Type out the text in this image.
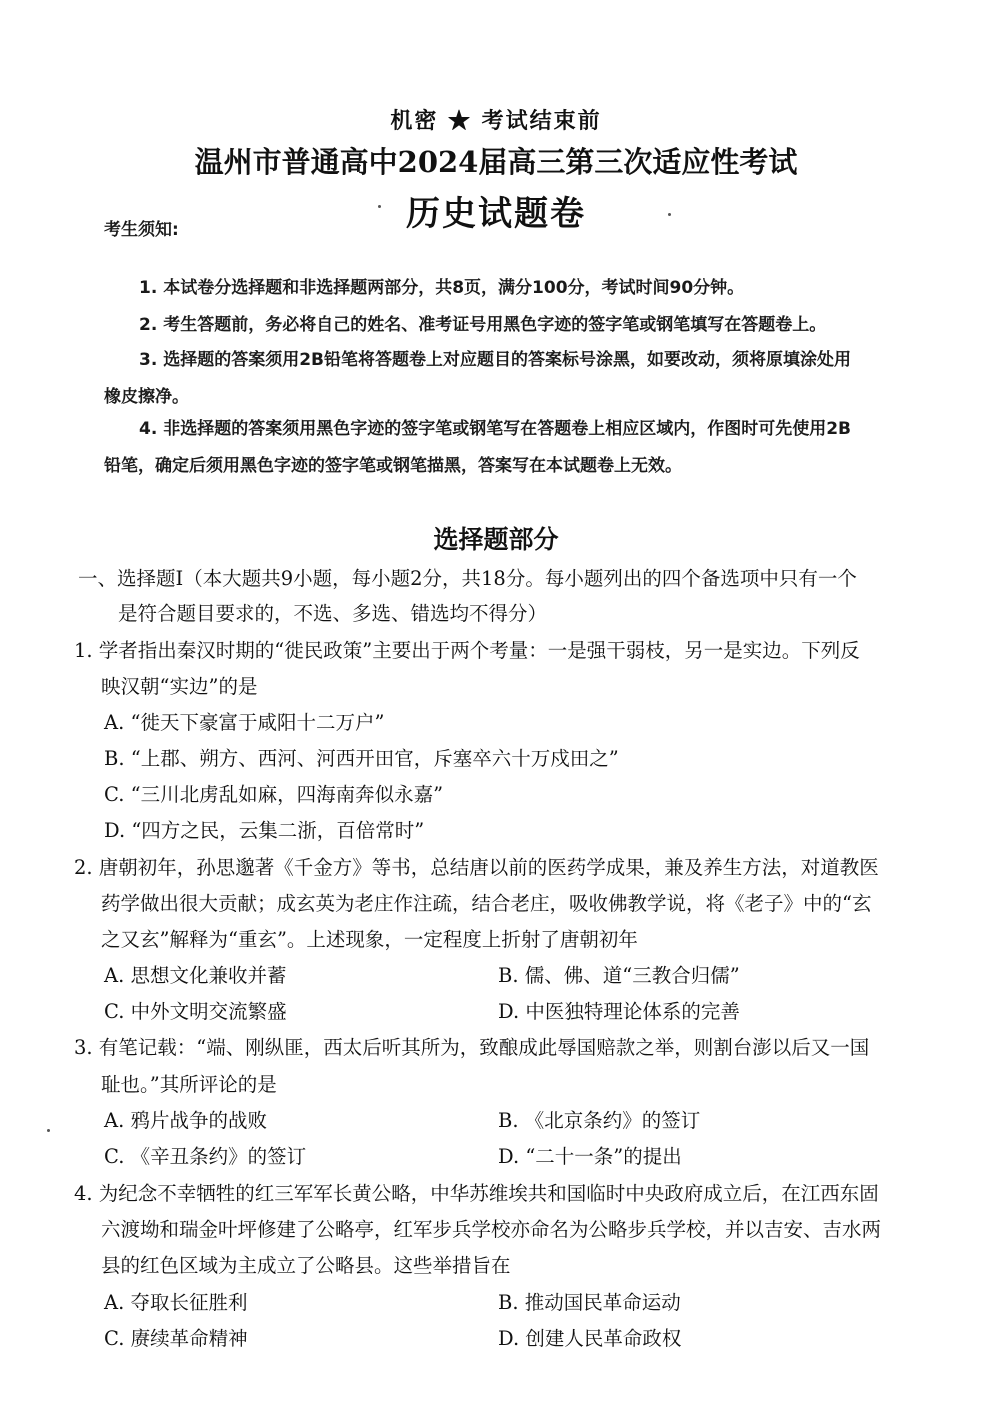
机密 ★ 考试结束前
温州市普通高中2024届高三第三次适应性考试
历史试题卷
考生须知:
1. 本试卷分选择题和非选择题两部分，共8页，满分100分，考试时间90分钟。
2. 考生答题前，务必将自己的姓名、准考证号用黑色字迹的签字笔或钢笔填写在答题卷上。
3. 选择题的答案须用2B铅笔将答题卷上对应题目的答案标号涂黑，如要改动，须将原填涂处用
橡皮擦净。
4. 非选择题的答案须用黑色字迹的签字笔或钢笔写在答题卷上相应区域内，作图时可先使用2B
铅笔，确定后须用黑色字迹的签字笔或钢笔描黑，答案写在本试题卷上无效。
选择题部分
一、选择题Ⅰ（本大题共9小题，每小题2分，共18分。每小题列出的四个备选项中只有一个
是符合题目要求的，不选、多选、错选均不得分）
1. 学者指出秦汉时期的“徙民政策”主要出于两个考量：一是强干弱枝，另一是实边。下列反
映汉朝“实边”的是
A. “徙天下豪富于咸阳十二万户”
B. “上郡、朔方、西河、河西开田官，斥塞卒六十万戍田之”
C. “三川北虏乱如麻，四海南奔似永嘉”
D. “四方之民，云集二浙，百倍常时”
2. 唐朝初年，孙思邈著《千金方》等书，总结唐以前的医药学成果，兼及养生方法，对道教医
药学做出很大贡献；成玄英为老庄作注疏，结合老庄，吸收佛教学说，将《老子》中的“玄
之又玄”解释为“重玄”。上述现象，一定程度上折射了唐朝初年
A. 思想文化兼收并蓄	B. 儒、佛、道“三教合归儒”
C. 中外文明交流繁盛	D. 中医独特理论体系的完善
3. 有笔记载：“端、刚纵匪，西太后听其所为，致酿成此辱国赔款之举，则割台澎以后又一国
耻也。”其所评论的是
A. 鸦片战争的战败	B. 《北京条约》的签订
C. 《辛丑条约》的签订	D. “二十一条”的提出
4. 为纪念不幸牺牲的红三军军长黄公略，中华苏维埃共和国临时中央政府成立后，在江西东固
六渡坳和瑞金叶坪修建了公略亭，红军步兵学校亦命名为公略步兵学校，并以吉安、吉水两
县的红色区域为主成立了公略县。这些举措旨在
A. 夺取长征胜利	B. 推动国民革命运动
C. 赓续革命精神	D. 创建人民革命政权
